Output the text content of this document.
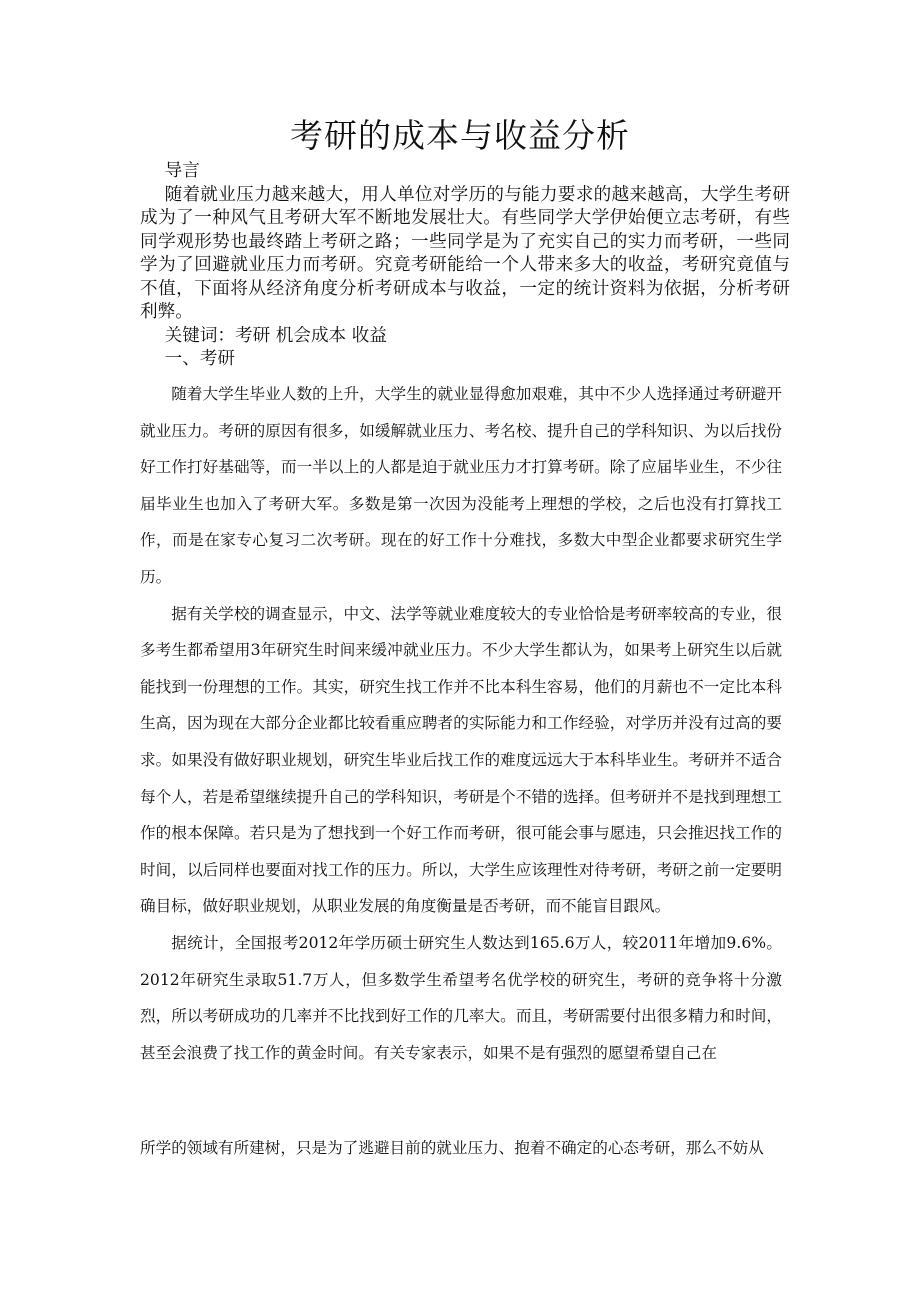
考研的成本与收益分析

导言

随着就业压力越来越大，用人单位对学历的与能力要求的越来越高，大学生考研成为了一种风气且考研大军不断地发展壮大。有些同学大学伊始便立志考研，有些同学观形势也最终踏上考研之路；一些同学是为了充实自己的实力而考研，一些同学为了回避就业压力而考研。究竟考研能给一个人带来多大的收益，考研究竟值与不值，下面将从经济角度分析考研成本与收益，一定的统计资料为依据，分析考研利弊。

关键词：考研 机会成本 收益

一、考研

随着大学生毕业人数的上升，大学生的就业显得愈加艰难，其中不少人选择通过考研避开就业压力。考研的原因有很多，如缓解就业压力、考名校、提升自己的学科知识、为以后找份好工作打好基础等，而一半以上的人都是迫于就业压力才打算考研。除了应届毕业生，不少往届毕业生也加入了考研大军。多数是第一次因为没能考上理想的学校，之后也没有打算找工作，而是在家专心复习二次考研。现在的好工作十分难找，多数大中型企业都要求研究生学历。

据有关学校的调查显示，中文、法学等就业难度较大的专业恰恰是考研率较高的专业，很多考生都希望用3年研究生时间来缓冲就业压力。不少大学生都认为，如果考上研究生以后就能找到一份理想的工作。其实，研究生找工作并不比本科生容易，他们的月薪也不一定比本科生高，因为现在大部分企业都比较看重应聘者的实际能力和工作经验，对学历并没有过高的要求。如果没有做好职业规划，研究生毕业后找工作的难度远远大于本科毕业生。考研并不适合每个人，若是希望继续提升自己的学科知识，考研是个不错的选择。但考研并不是找到理想工作的根本保障。若只是为了想找到一个好工作而考研，很可能会事与愿违，只会推迟找工作的时间，以后同样也要面对找工作的压力。所以，大学生应该理性对待考研，考研之前一定要明确目标，做好职业规划，从职业发展的角度衡量是否考研，而不能盲目跟风。

据统计，全国报考2012年学历硕士研究生人数达到165.6万人，较2011年增加9.6%。2012年研究生录取51.7万人，但多数学生希望考名优学校的研究生，考研的竞争将十分激烈，所以考研成功的几率并不比找到好工作的几率大。而且，考研需要付出很多精力和时间，甚至会浪费了找工作的黄金时间。有关专家表示，如果不是有强烈的愿望希望自己在

所学的领域有所建树，只是为了逃避目前的就业压力、抱着不确定的心态考研，那么不妨从
